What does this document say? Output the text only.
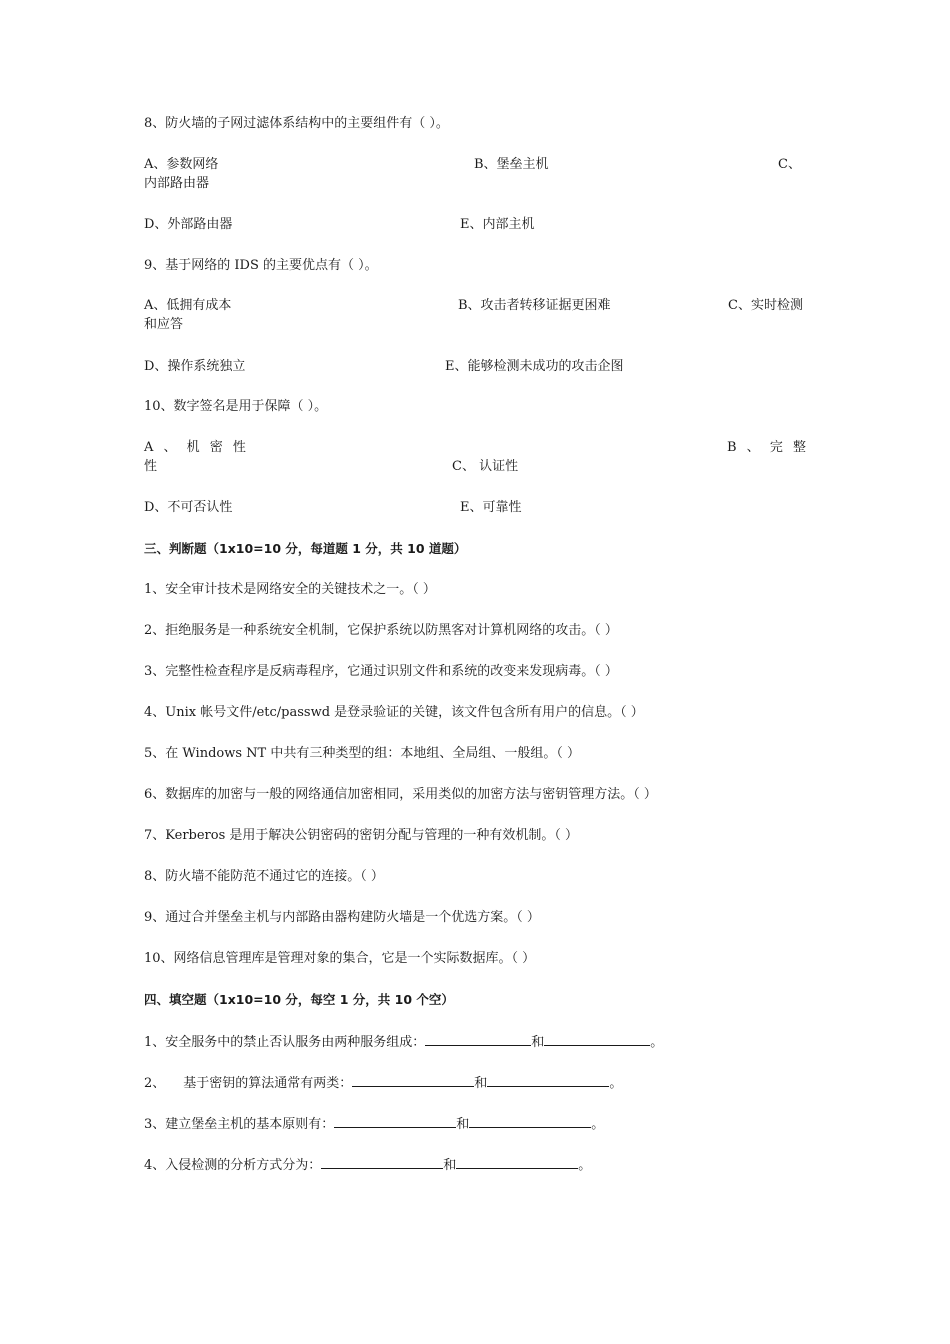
8、防火墙的子网过滤体系结构中的主要组件有（ ）。
A、参数网络	B、堡垒主机	C、
内部路由器
D、外部路由器	E、内部主机
9、基于网络的 IDS 的主要优点有（ ）。
A、低拥有成本	B、攻击者转移证据更困难	C、实时检测
和应答
D、操作系统独立	E、能够检测未成功的攻击企图
10、数字签名是用于保障（ ）。
A 、 机 密 性	B 、 完 整
性	C、 认证性
D、不可否认性	E、可靠性
三、判断题（1x10=10 分，每道题 1 分，共 10 道题）
1、安全审计技术是网络安全的关键技术之一。（ ）
2、拒绝服务是一种系统安全机制，它保护系统以防黑客对计算机网络的攻击。（ ）
3、完整性检查程序是反病毒程序，它通过识别文件和系统的改变来发现病毒。（ ）
4、Unix 帐号文件/etc/passwd 是登录验证的关键，该文件包含所有用户的信息。（ ）
5、在 Windows NT 中共有三种类型的组：本地组、全局组、一般组。（ ）
6、数据库的加密与一般的网络通信加密相同，采用类似的加密方法与密钥管理方法。（ ）
7、Kerberos 是用于解决公钥密码的密钥分配与管理的一种有效机制。（ ）
8、防火墙不能防范不通过它的连接。（ ）
9、通过合并堡垒主机与内部路由器构建防火墙是一个优选方案。（ ）
10、网络信息管理库是管理对象的集合，它是一个实际数据库。（ ）
四、填空题（1x10=10 分，每空 1 分，共 10 个空）
1、安全服务中的禁止否认服务由两种服务组成：	和	。
2、 基于密钥的算法通常有两类：	和	。
3、建立堡垒主机的基本原则有：	和	。
4、入侵检测的分析方式分为：	和	。
